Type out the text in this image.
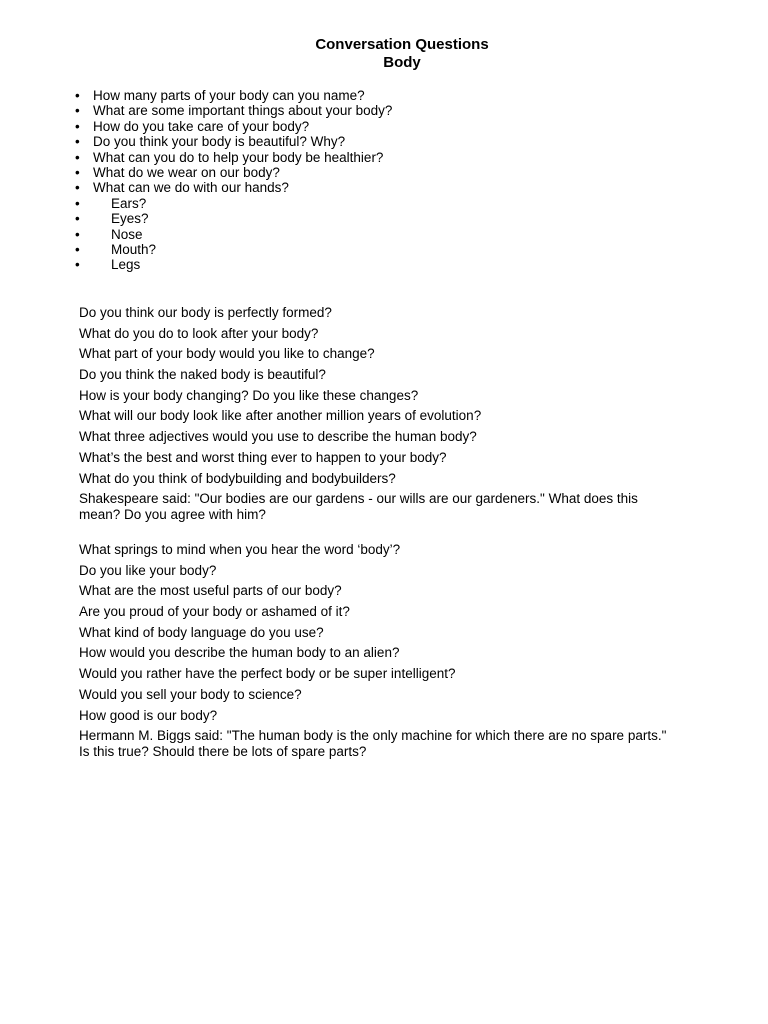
Conversation Questions

Body

• How many parts of your body can you name?
• What are some important things about your body?
• How do you take care of your body?
• Do you think your body is beautiful? Why?
• What can you do to help your body be healthier?
• What do we wear on our body?
• What can we do with our hands?
• Ears?
• Eyes?
• Nose
• Mouth?
• Legs
Do you think our body is perfectly formed?
What do you do to look after your body?
What part of your body would you like to change?
Do you think the naked body is beautiful?
How is your body changing? Do you like these changes?
What will our body look like after another million years of evolution?
What three adjectives would you use to describe the human body?
What’s the best and worst thing ever to happen to your body?
What do you think of bodybuilding and bodybuilders?
Shakespeare said: "Our bodies are our gardens - our wills are our gardeners." What does this mean? Do you agree with him?
What springs to mind when you hear the word ‘body’?
Do you like your body?
What are the most useful parts of our body?
Are you proud of your body or ashamed of it?
What kind of body language do you use?
How would you describe the human body to an alien?
Would you rather have the perfect body or be super intelligent?
Would you sell your body to science?
How good is our body?
Hermann M. Biggs said: "The human body is the only machine for which there are no spare parts." Is this true? Should there be lots of spare parts?
